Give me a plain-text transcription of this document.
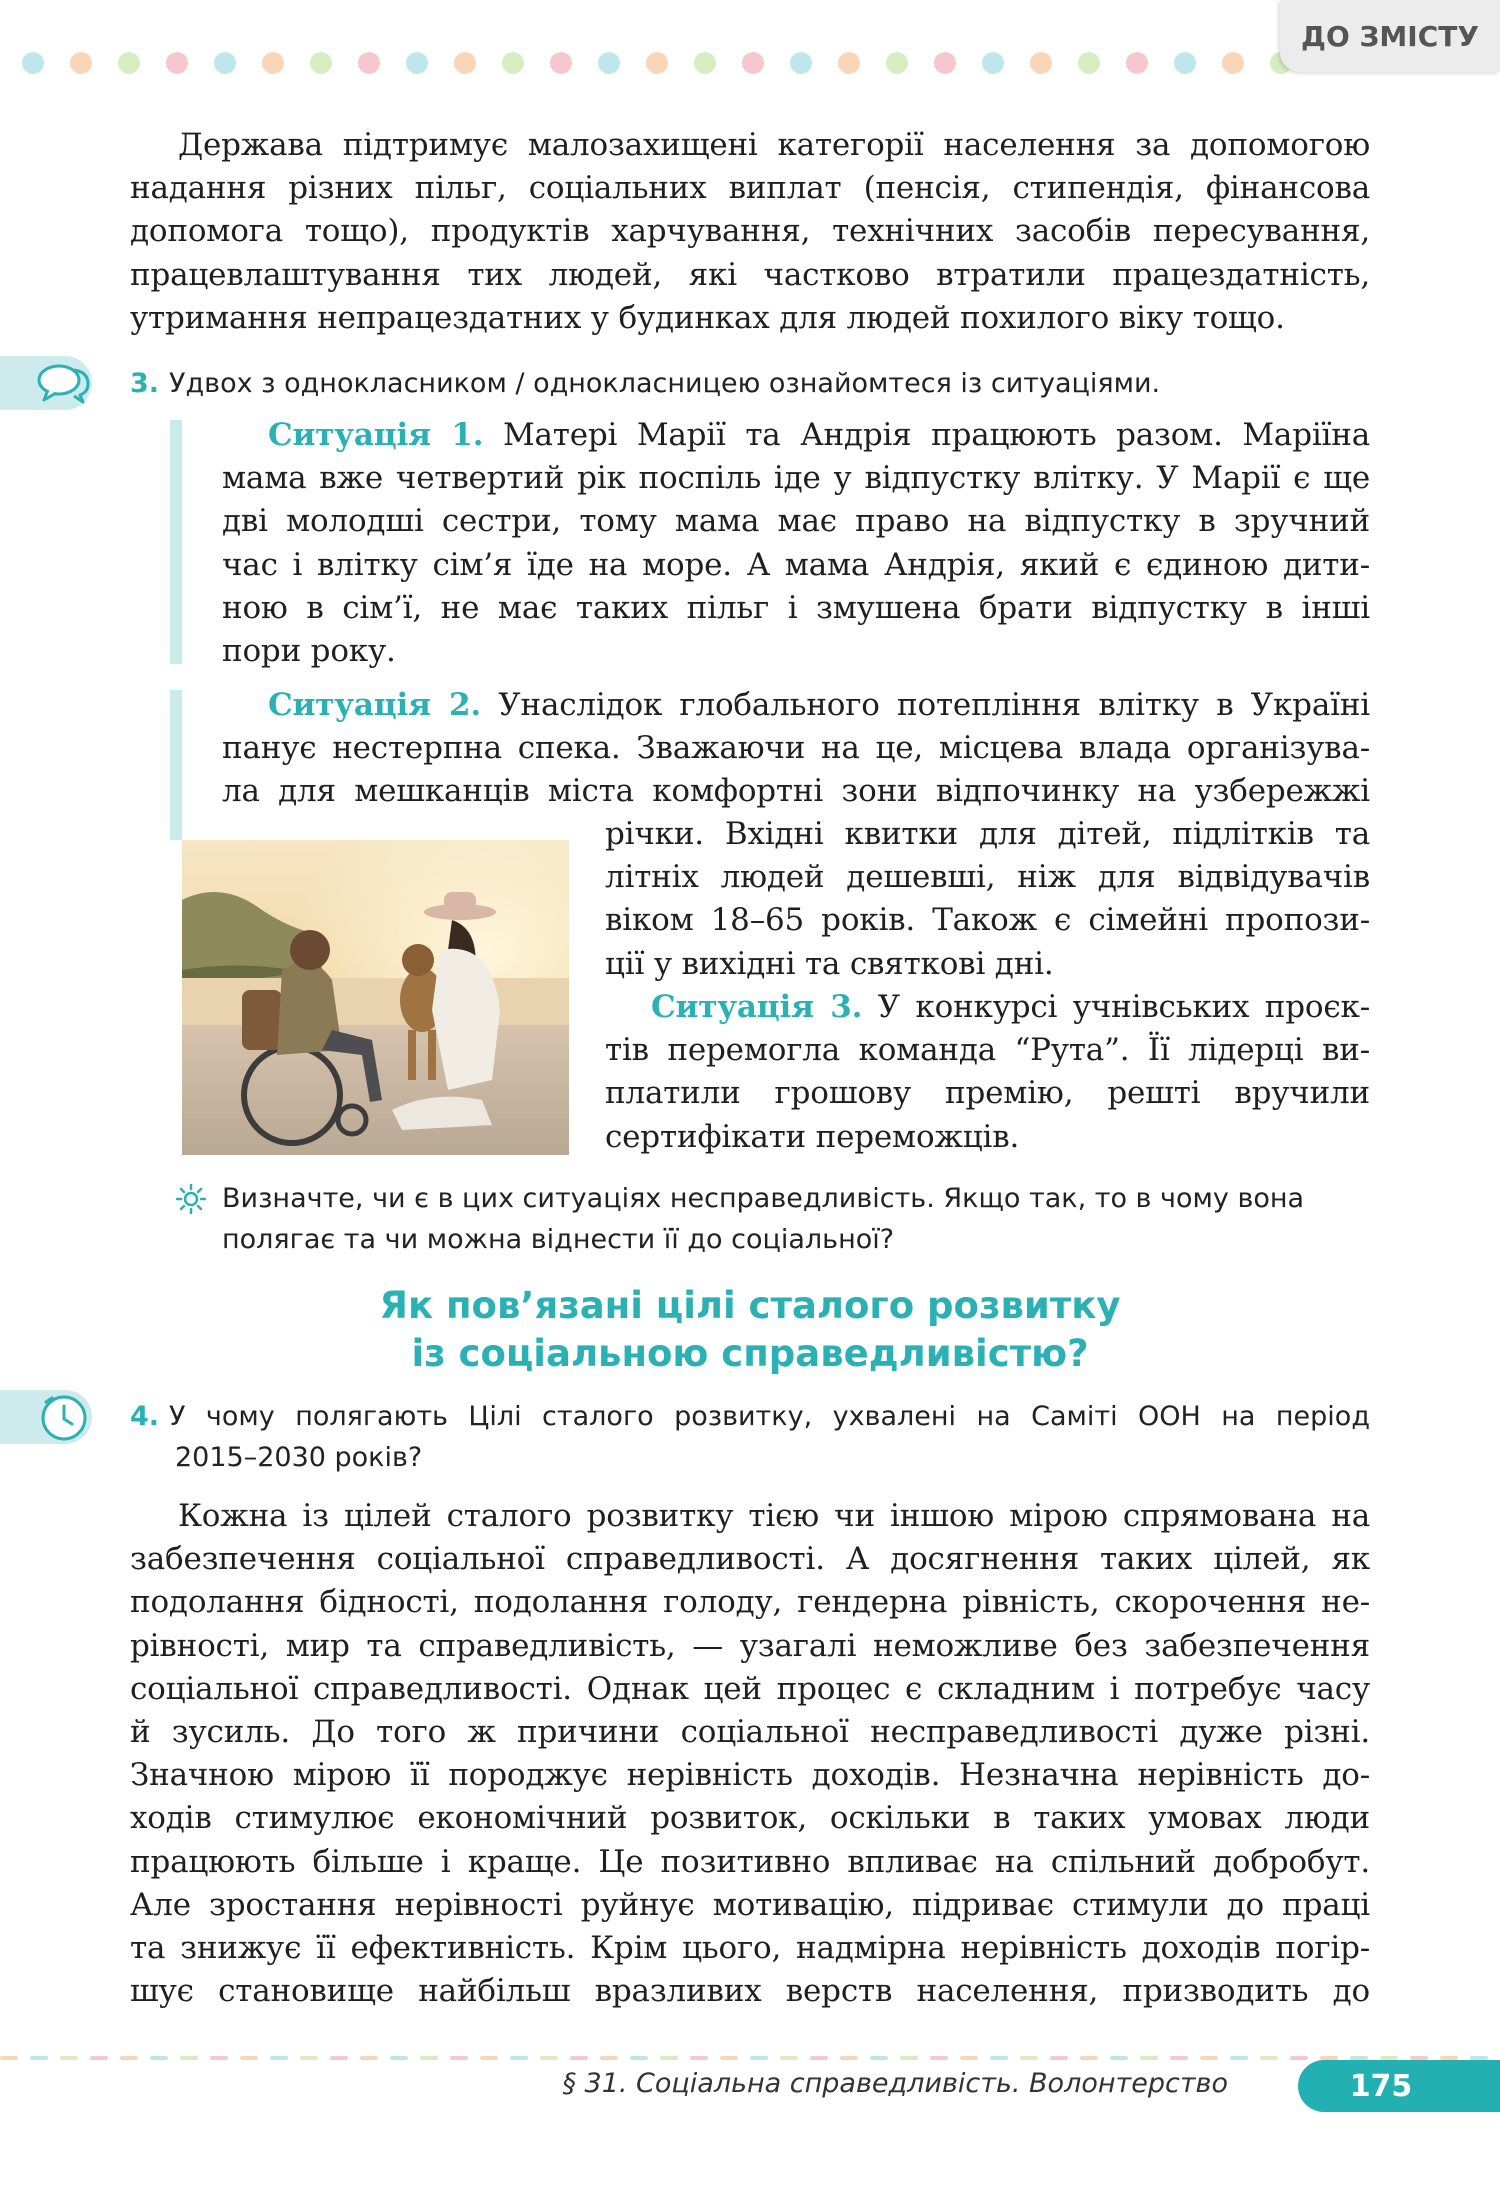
ДО ЗМІСТУ
Держава підтримує малозахищені категорії населення за допомогою
надання різних пільг, соціальних виплат (пенсія, стипендія, фінансова
допомога тощо), продуктів харчування, технічних засобів пересування,
працевлаштування тих людей, які частково втратили працездатність,
утримання непрацездатних у будинках для людей похилого віку тощо.
3. Удвох з однокласником / однокласницею ознайомтеся із ситуаціями.
Ситуація 1. Матері Марії та Андрія працюють разом. Маріїна
мама вже четвертий рік поспіль іде у відпустку влітку. У Марії є ще
дві молодші сестри, тому мама має право на відпустку в зручний
час і влітку сім’я їде на море. А мама Андрія, який є єдиною дити-
ною в сім’ї, не має таких пільг і змушена брати відпустку в інші
пори року.
Ситуація 2. Унаслідок глобального потепління влітку в Україні
панує нестерпна спека. Зважаючи на це, місцева влада організува-
ла для мешканців міста комфортні зони відпочинку на узбережжі
річки. Вхідні квитки для дітей, підлітків та
літніх людей дешевші, ніж для відвідувачів
віком 18–65 років. Також є сімейні пропози-
ції у вихідні та святкові дні.
Ситуація 3. У конкурсі учнівських проєк-
тів перемогла команда “Рута”. Її лідерці ви-
платили грошову премію, решті вручили
сертифікати переможців.
Визначте, чи є в цих ситуаціях несправедливість. Якщо так, то в чому вона
полягає та чи можна віднести її до соціальної?
Як пов’язані цілі сталого розвитку
із соціальною справедливістю?
4. У чому полягають Цілі сталого розвитку, ухвалені на Саміті ООН на період
2015–2030 років?
Кожна із цілей сталого розвитку тією чи іншою мірою спрямована на
забезпечення соціальної справедливості. А досягнення таких цілей, як
подолання бідності, подолання голоду, гендерна рівність, скорочення не-
рівності, мир та справедливість, — узагалі неможливе без забезпечення
соціальної справедливості. Однак цей процес є складним і потребує часу
й зусиль. До того ж причини соціальної несправедливості дуже різні.
Значною мірою її породжує нерівність доходів. Незначна нерівність до-
ходів стимулює економічний розвиток, оскільки в таких умовах люди
працюють більше і краще. Це позитивно впливає на спільний добробут.
Але зростання нерівності руйнує мотивацію, підриває стимули до праці
та знижує її ефективність. Крім цього, надмірна нерівність доходів погір-
шує становище найбільш вразливих верств населення, призводить до
§ 31. Соціальна справедливість. Волонтерство	175
